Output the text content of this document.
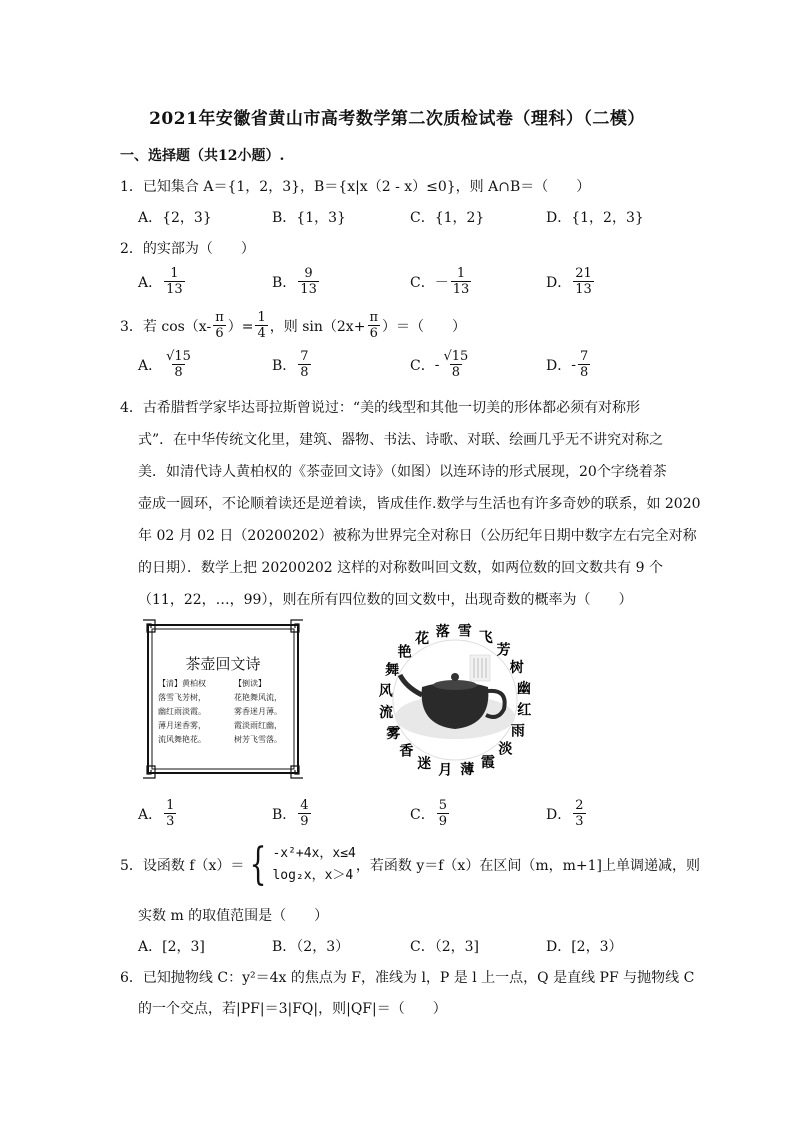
2021年安徽省黄山市高考数学第二次质检试卷（理科）（二模）
一、选择题（共12小题）.
1．已知集合 A＝{1，2，3}，B＝{x|x（2 - x）≤0}，则 A∩B＝（　　）
A．{2，3}	B．{1，3}	C．{1，2}	D．{1，2，3}
2．的实部为（　　）
A． $\frac{1}{13}$	B． $\frac{9}{13}$	C． － $\frac{1}{13}$	D． $\frac{21}{13}$
3．若 $\cos(x- \frac{\pi}{6}$ ）= $\frac{1}{4}$ ，则 $\sin(2x+ \frac{\pi}{6}$ ）＝（　　）
A． $\frac{√15}{8}$	B． $\frac{7}{8}$	C． - $\frac{√15}{8}$	D． - $\frac{7}{8}$
4．古希腊哲学家毕达哥拉斯曾说过：“美的线型和其他一切美的形体都必须有对称形
式”．在中华传统文化里，建筑、器物、书法、诗歌、对联、绘画几乎无不讲究对称之
美．如清代诗人黄柏权的《茶壶回文诗》（如图）以连环诗的形式展现，20个字绕着茶
壶成一圆环，不论顺着读还是逆着读，皆成佳作.数学与生活也有许多奇妙的联系，如 2020
年 02 月 02 日（20200202）被称为世界完全对称日（公历纪年日期中数字左右完全对称
的日期）．数学上把 20200202 这样的对称数叫回文数，如两位数的回文数共有 9 个
（11，22，…，99），则在所有四位数的回文数中，出现奇数的概率为（　　）
茶壶回文诗
【清】黄柏权
落雪飞芳树，
幽红雨淡霞。
薄月迷香雾，
流风舞艳花。
【倒读】
花艳舞风流，
雾香迷月薄。
霞淡雨红幽，
树芳飞雪落。
落 雪 飞
芳
树
幽
红
雨
淡
霞
薄
月
迷
香
雾
流
风
舞
艳
花
A． $\frac{1}{3}$	B． $\frac{4}{9}$	C． $\frac{5}{9}$	D． $\frac{2}{3}$
5．设函数 f（x）＝ { -x²+4x，x≤4
log₂x，x＞4
，若函数 y＝f（x）在区间（m，m+1]上单调递减，则
实数 m 的取值范围是（　　）
A．[2，3]	B．（2，3）	C．（2，3]	D．[2，3）
6．已知抛物线 C：y²＝4x 的焦点为 F，准线为 l，P 是 l 上一点，Q 是直线 PF 与抛物线 C
的一个交点，若|PF|＝3|FQ|，则|QF|＝（　　）
